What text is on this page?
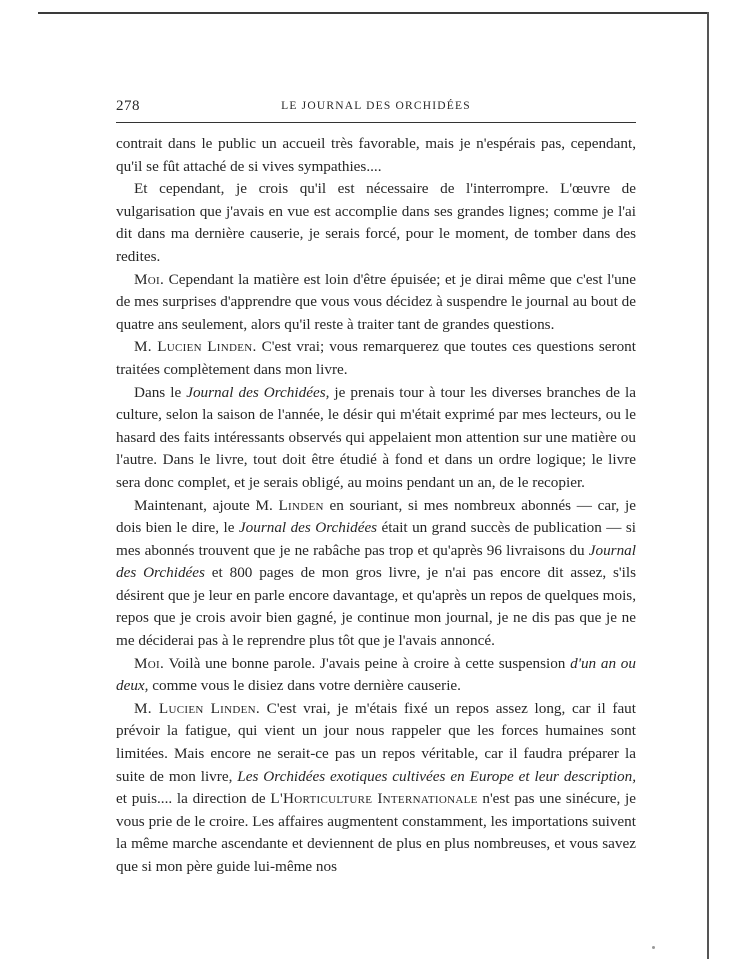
278	LE JOURNAL DES ORCHIDÉES

contrait dans le public un accueil très favorable, mais je n'espérais pas, cependant, qu'il se fût attaché de si vives sympathies....

Et cependant, je crois qu'il est nécessaire de l'interrompre. L'œuvre de vulgarisation que j'avais en vue est accomplie dans ses grandes lignes; comme je l'ai dit dans ma dernière causerie, je serais forcé, pour le moment, de tomber dans des redites.

Moi. Cependant la matière est loin d'être épuisée; et je dirai même que c'est l'une de mes surprises d'apprendre que vous vous décidez à suspendre le journal au bout de quatre ans seulement, alors qu'il reste à traiter tant de grandes questions.

M. Lucien Linden. C'est vrai; vous remarquerez que toutes ces questions seront traitées complètement dans mon livre.

Dans le Journal des Orchidées, je prenais tour à tour les diverses branches de la culture, selon la saison de l'année, le désir qui m'était exprimé par mes lecteurs, ou le hasard des faits intéressants observés qui appelaient mon attention sur une matière ou l'autre. Dans le livre, tout doit être étudié à fond et dans un ordre logique; le livre sera donc complet, et je serais obligé, au moins pendant un an, de le recopier.

Maintenant, ajoute M. Linden en souriant, si mes nombreux abonnés — car, je dois bien le dire, le Journal des Orchidées était un grand succès de publication — si mes abonnés trouvent que je ne rabâche pas trop et qu'après 96 livraisons du Journal des Orchidées et 800 pages de mon gros livre, je n'ai pas encore dit assez, s'ils désirent que je leur en parle encore davantage, et qu'après un repos de quelques mois, repos que je crois avoir bien gagné, je continue mon journal, je ne dis pas que je ne me déciderai pas à le reprendre plus tôt que je l'avais annoncé.

Moi. Voilà une bonne parole. J'avais peine à croire à cette suspension d'un an ou deux, comme vous le disiez dans votre dernière causerie.

M. Lucien Linden. C'est vrai, je m'étais fixé un repos assez long, car il faut prévoir la fatigue, qui vient un jour nous rappeler que les forces humaines sont limitées. Mais encore ne serait-ce pas un repos véritable, car il faudra préparer la suite de mon livre, Les Orchidées exotiques cultivées en Europe et leur description, et puis.... la direction de L'Horticulture Internationale n'est pas une sinécure, je vous prie de le croire. Les affaires augmentent constamment, les importations suivent la même marche ascendante et deviennent de plus en plus nombreuses, et vous savez que si mon père guide lui-même nos
